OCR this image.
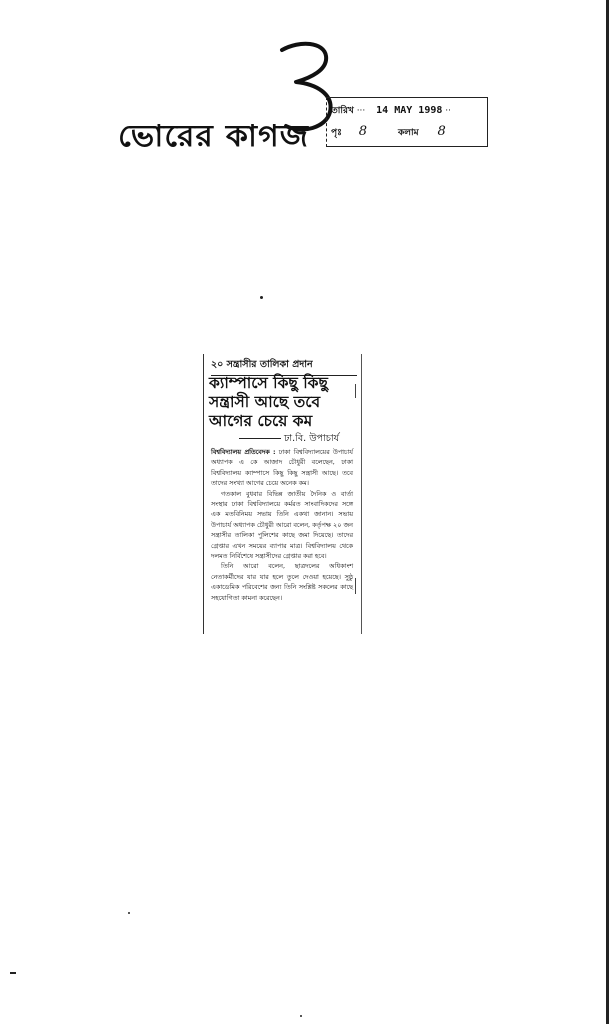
ভোরের কাগজ
তারিখ ··· 14 MAY 1998 ··
পৃঃ 8	কলাম 8
২০ সন্ত্রাসীর তালিকা প্রদান
ক্যাম্পাসে কিছু কিছু সন্ত্রাসী আছে তবে আগের চেয়ে কম
ঢা.বি. উপাচার্য

বিশ্ববিদ্যালয় প্রতিবেদক : ঢাকা বিশ্ববিদ্যালয়ের উপাচার্য অধ্যাপক এ কে আজাদ চৌধুরী বলেছেন, ঢাকা বিশ্ববিদ্যালয় ক্যাম্পাসে কিছু কিছু সন্ত্রাসী আছে। তবে তাদের সংখ্যা আগের চেয়ে অনেক কম।

গতকাল বুধবার বিভিন্ন জাতীয় দৈনিক ও বার্তা সংস্থার ঢাকা বিশ্ববিদ্যালয়ে কর্মরত সাংবাদিকদের সঙ্গে এক মতবিনিময় সভায় তিনি একথা জানান। সভায় উপাচার্য অধ্যাপক চৌধুরী আরো বলেন, কর্তৃপক্ষ ২০ জন সন্ত্রাসীর তালিকা পুলিশের কাছে জমা দিয়েছে। তাদের গ্রেপ্তার এখন সময়ের ব্যাপার মাত্র। বিশ্ববিদ্যালয় থেকে দলমত নির্বিশেষে সন্ত্রাসীদের গ্রেপ্তার করা হবে।

তিনি আরো বলেন, ছাত্রদলের অধিকাংশ নেতাকর্মীদের যার যার হলে তুলে দেওয়া হয়েছে। সুষ্ঠু একাডেমিক পরিবেশের জন্য তিনি সংশ্লিষ্ট সকলের কাছে সহযোগিতা কামনা করেছেন।
